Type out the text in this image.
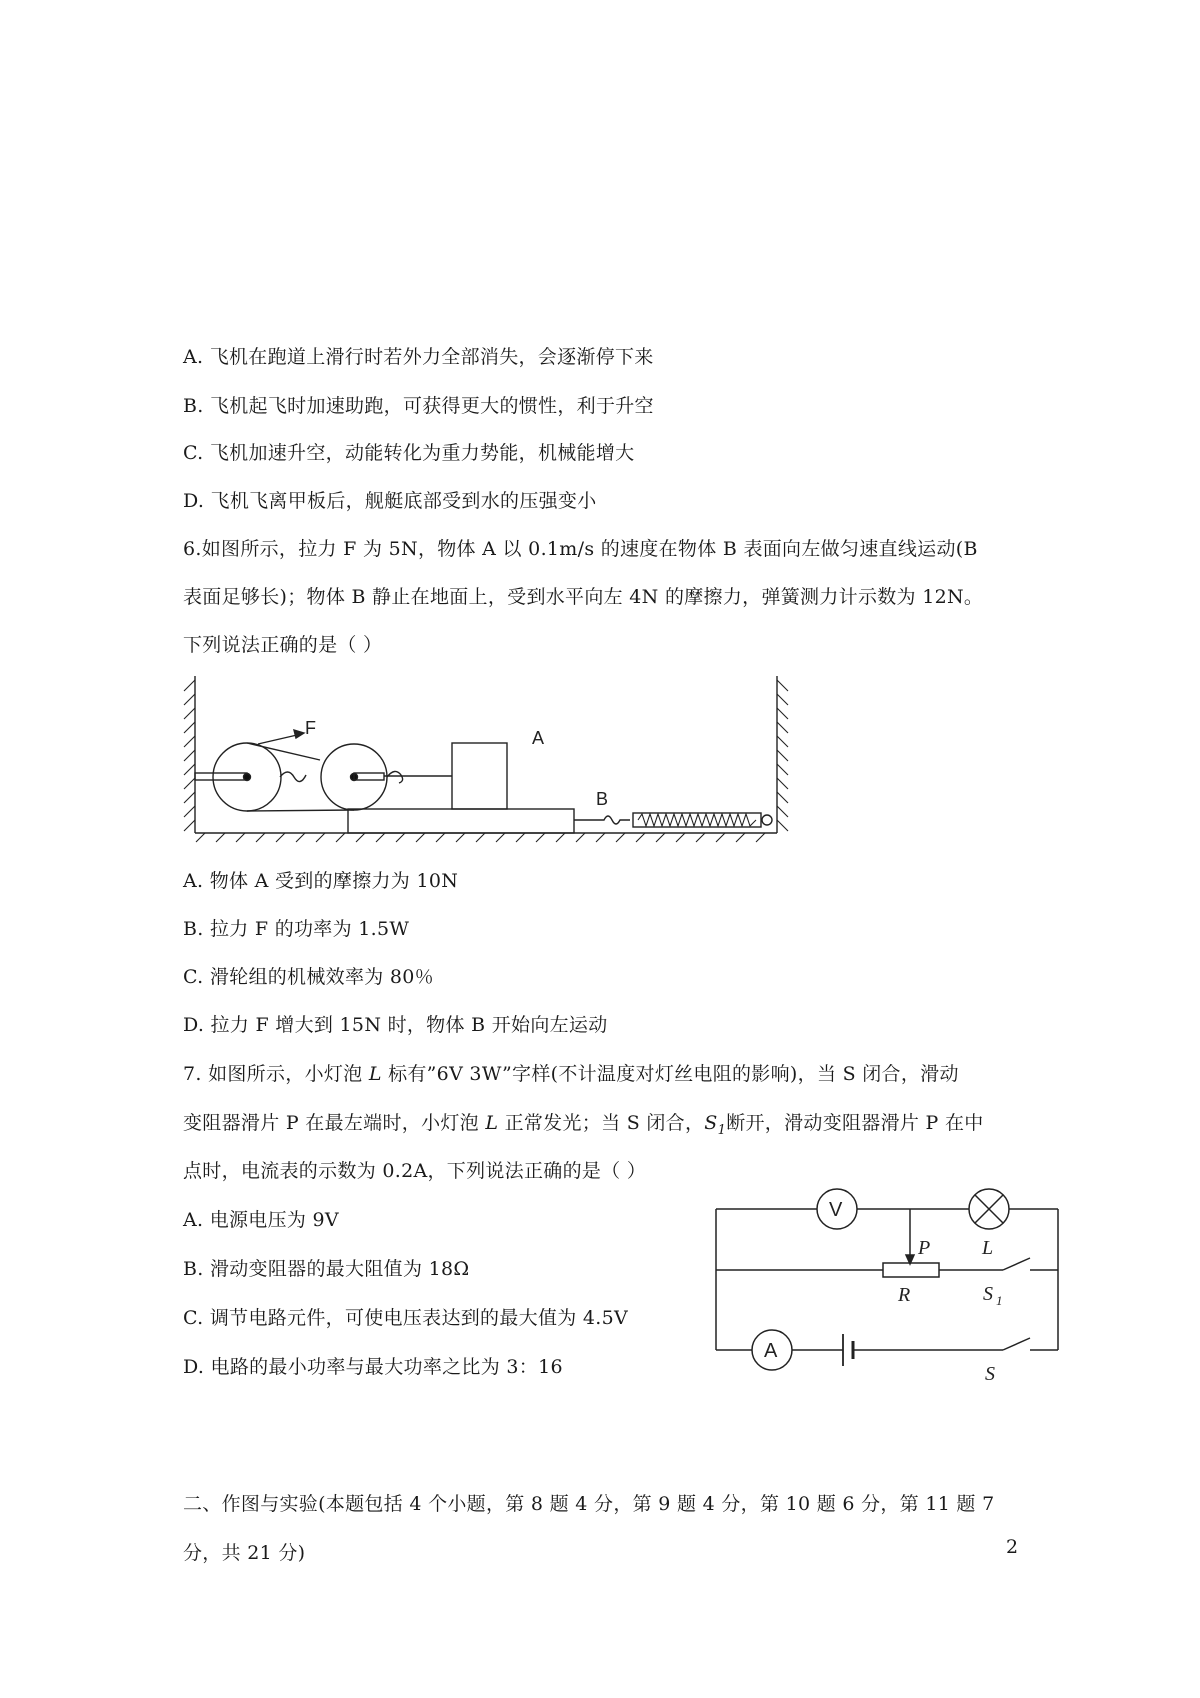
A. 飞机在跑道上滑行时若外力全部消失，会逐渐停下来
B. 飞机起飞时加速助跑，可获得更大的惯性，利于升空
C. 飞机加速升空，动能转化为重力势能，机械能增大
D. 飞机飞离甲板后，舰艇底部受到水的压强变小
6.如图所示，拉力 F 为 5N，物体 A 以 0.1m/s 的速度在物体 B 表面向左做匀速直线运动(B
表面足够长)；物体 B 静止在地面上，受到水平向左 4N 的摩擦力，弹簧测力计示数为 12N。
下列说法正确的是（ ）
F	A
B
A. 物体 A 受到的摩擦力为 10N
B. 拉力 F 的功率为 1.5W
C. 滑轮组的机械效率为 80％
D. 拉力 F 增大到 15N 时，物体 B 开始向左运动
7. 如图所示，小灯泡 L 标有”6V 3W”字样(不计温度对灯丝电阻的影响)，当 S 闭合，滑动
变阻器滑片 P 在最左端时，小灯泡 L 正常发光；当 S 闭合，$S_1$断开，滑动变阻器滑片 P 在中
点时，电流表的示数为 0.2A，下列说法正确的是（ ）
A. 电源电压为 9V
B. 滑动变阻器的最大阻值为 18Ω
C. 调节电路元件，可使电压表达到的最大值为 4.5V
D. 电路的最小功率与最大功率之比为 3：16
V
A
P
R
L
S 1
S
二、作图与实验(本题包括 4 个小题，第 8 题 4 分，第 9 题 4 分，第 10 题 6 分，第 11 题 7
分，共 21 分)	2
